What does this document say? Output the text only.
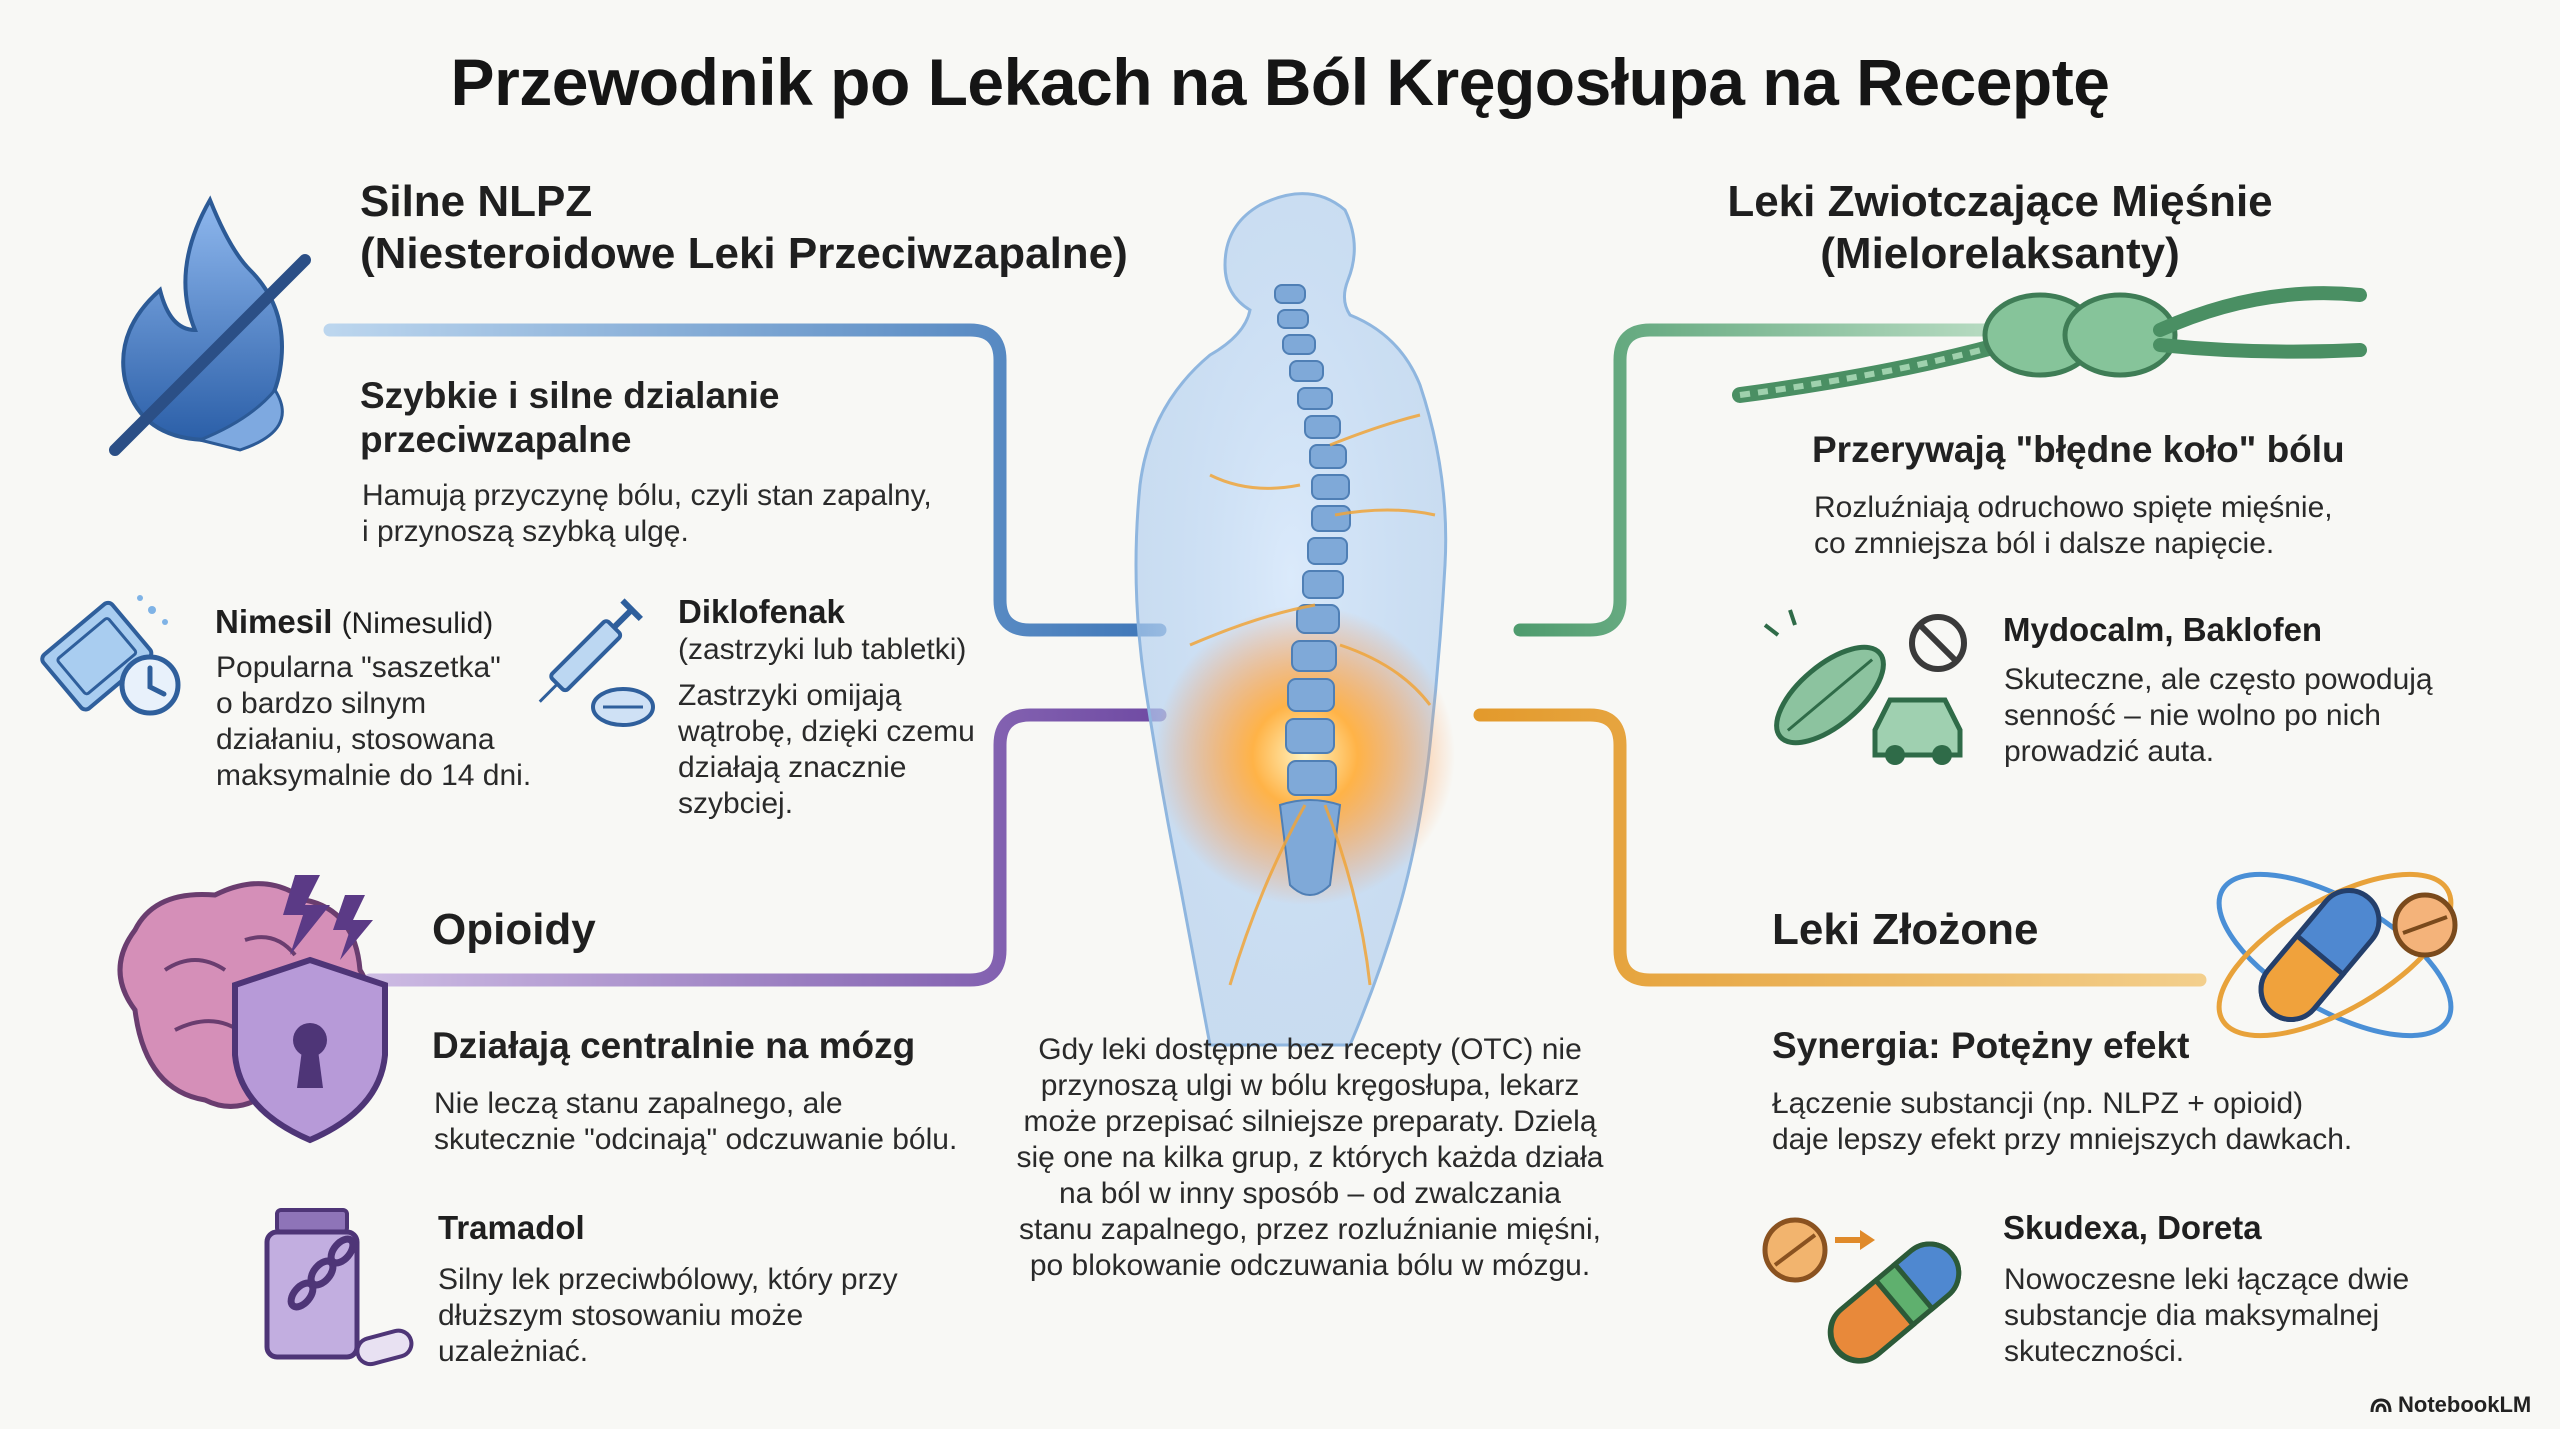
Przewodnik po Lekach na Ból Kręgosłupa na Receptę
Silne NLPZ
(Niesteroidowe Leki Przeciwzapalne)
Szybkie i silne dzialanie
przeciwzapalne
Hamują przyczynę bólu, czyli stan zapalny,
i przynoszą szybką ulgę.
Nimesil (Nimesulid)
Popularna "saszetka"
o bardzo silnym
działaniu, stosowana
maksymalnie do 14 dni.
Diklofenak
(zastrzyki lub tabletki)
Zastrzyki omijają
wątrobę, dzięki czemu
działają znacznie
szybciej.
Leki Zwiotczające Mięśnie
(Mielorelaksanty)
Przerywają "błędne koło" bólu
Rozluźniają odruchowo spięte mięśnie,
co zmniejsza ból i dalsze napięcie.
Mydocalm, Baklofen
Skuteczne, ale często powodują
senność – nie wolno po nich
prowadzić auta.
Opioidy
Działają centralnie na mózg
Nie leczą stanu zapalnego, ale
skutecznie "odcinają" odczuwanie bólu.
Tramadol
Silny lek przeciwbólowy, który przy
dłuższym stosowaniu może
uzależniać.
Leki Złożone
Synergia: Potężny efekt
Łączenie substancji (np. NLPZ + opioid)
daje lepszy efekt przy mniejszych dawkach.
Skudexa, Doreta
Nowoczesne leki łączące dwie
substancje dia maksymalnej
skuteczności.
Gdy leki dostępne bez recepty (OTC) nie
przynoszą ulgi w bólu kręgosłupa, lekarz
może przepisać silniejsze preparaty. Dzielą
się one na kilka grup, z których każda działa
na ból w inny sposób – od zwalczania
stanu zapalnego, przez rozluźnianie mięśni,
po blokowanie odczuwania bólu w mózgu.
NotebookLM
